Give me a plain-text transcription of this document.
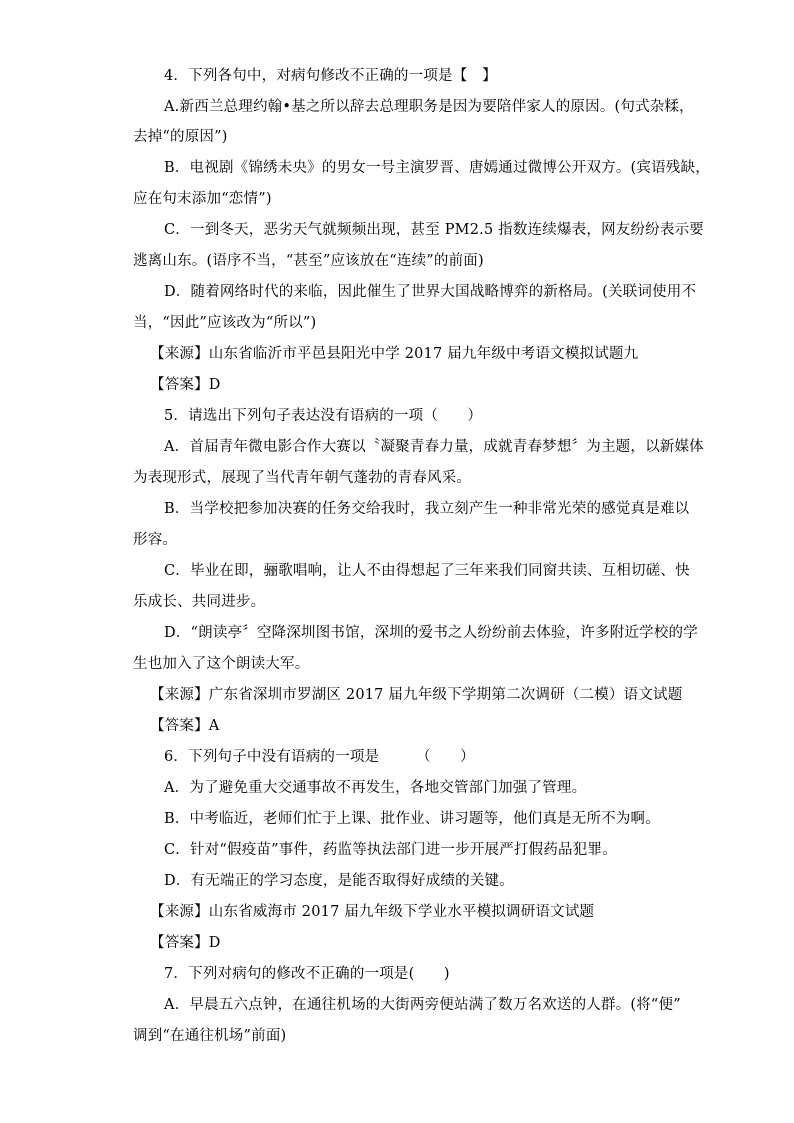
4．下列各句中，对病句修改不正确的一项是【　】
A.新西兰总理约翰•基之所以辞去总理职务是因为要陪伴家人的原因。(句式杂糅，
去掉“的原因”)
B．电视剧《锦绣未央》的男女一号主演罗晋、唐嫣通过微博公开双方。(宾语残缺，
应在句末添加“恋情”)
C．一到冬天，恶劣天气就频频出现，甚至 PM2.5 指数连续爆表，网友纷纷表示要
逃离山东。(语序不当，“甚至”应该放在“连续”的前面)
D．随着网络时代的来临，因此催生了世界大国战略博弈的新格局。(关联词使用不
当，“因此”应该改为“所以”)
【来源】山东省临沂市平邑县阳光中学 2017 届九年级中考语文模拟试题九
【答案】D
5．请选出下列句子表达没有语病的一项（　　）
A．首届青年微电影合作大赛以〝凝聚青春力量，成就青春梦想〞为主题，以新媒体
为表现形式，展现了当代青年朝气蓬勃的青春风采。
B．当学校把参加决赛的任务交给我时，我立刻产生一种非常光荣的感觉真是难以
形容。
C．毕业在即，骊歌唱响，让人不由得想起了三年来我们同窗共读、互相切磋、快
乐成长、共同进步。
D．“朗读亭〞空降深圳图书馆，深圳的爱书之人纷纷前去体验，许多附近学校的学
生也加入了这个朗读大军。
【来源】广东省深圳市罗湖区 2017 届九年级下学期第二次调研（二模）语文试题
【答案】A
6．下列句子中没有语病的一项是　　　（　　）
A．为了避免重大交通事故不再发生，各地交管部门加强了管理。
B．中考临近，老师们忙于上课、批作业、讲习题等，他们真是无所不为啊。
C．针对“假疫苗”事件，药监等执法部门进一步开展严打假药品犯罪。
D．有无端正的学习态度，是能否取得好成绩的关键。
【来源】山东省威海市 2017 届九年级下学业水平模拟调研语文试题
【答案】D
7．下列对病句的修改不正确的一项是(　　)
A．早晨五六点钟，在通往机场的大街两旁便站满了数万名欢送的人群。(将“便”
调到“在通往机场”前面)
